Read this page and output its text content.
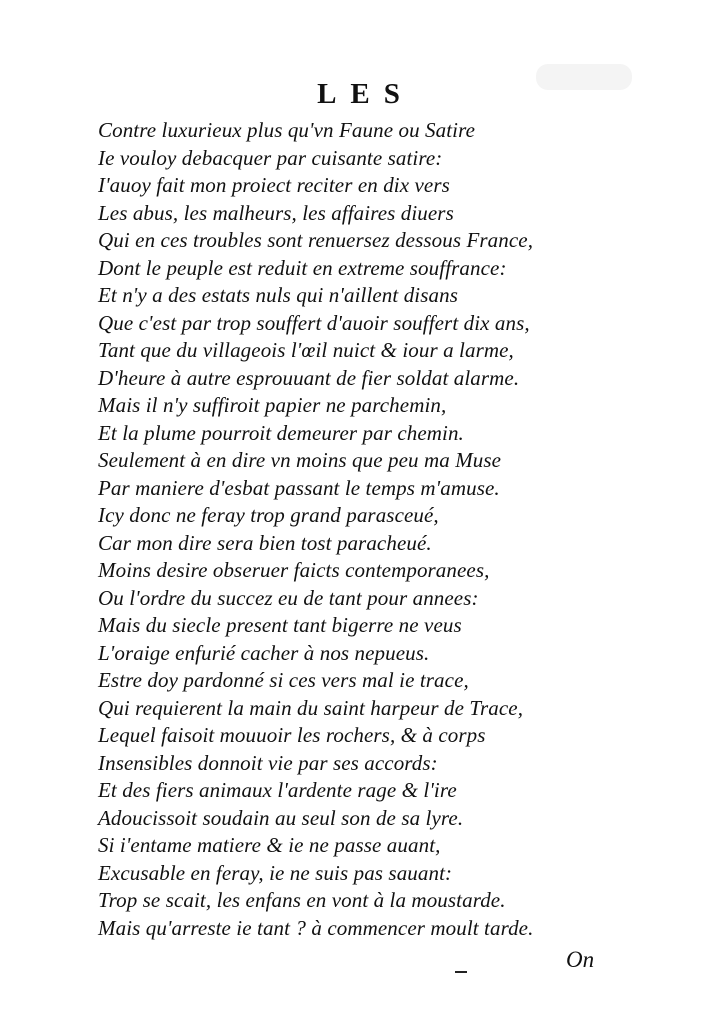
LES
Contre luxurieux plus qu'vn Faune ou Satire
Ie vouloy debacquer par cuisante satire:
I'auoy fait mon proiect reciter en dix vers
Les abus, les malheurs, les affaires diuers
Qui en ces troubles sont renuersez dessous France,
Dont le peuple est reduit en extreme souffrance:
Et n'y a des estats nuls qui n'aillent disans
Que c'est par trop souffert d'auoir souffert dix ans,
Tant que du villageois l'œil nuict & iour a larme,
D'heure à autre esprouuant de fier soldat alarme.
Mais il n'y suffiroit papier ne parchemin,
Et la plume pourroit demeurer par chemin.
Seulement à en dire vn moins que peu ma Muse
Par maniere d'esbat passant le temps m'amuse.
Icy donc ne feray trop grand parasceué,
Car mon dire sera bien tost paracheué.
Moins desire obseruer faicts contemporanees,
Ou l'ordre du succez eu de tant pour annees:
Mais du siecle present tant bigerre ne veus
L'oraige enfurié cacher à nos nepueus.
Estre doy pardonné si ces vers mal ie trace,
Qui requierent la main du saint harpeur de Trace,
Lequel faisoit mouuoir les rochers, & à corps
Insensibles donnoit vie par ses accords:
Et des fiers animaux l'ardente rage & l'ire
Adoucissoit soudain au seul son de sa lyre.
Si i'entame matiere & ie ne passe auant,
Excusable en feray, ie ne suis pas sauant:
Trop se scait, les enfans en vont à la moustarde.
Mais qu'arreste ie tant ? à commencer moult tarde.
On
